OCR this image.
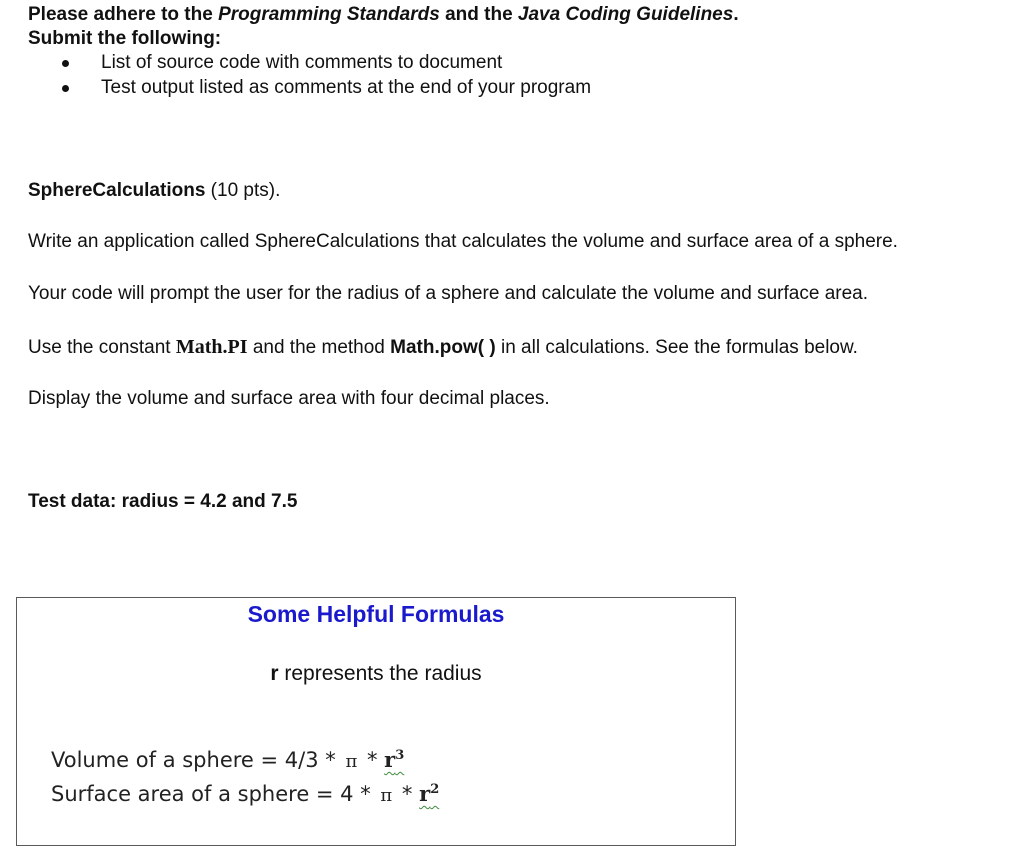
Please adhere to the Programming Standards and the Java Coding Guidelines.
Submit the following:
List of source code with comments to document
Test output listed as comments at the end of your program
SphereCalculations (10 pts).
Write an application called SphereCalculations that calculates the volume and surface area of a sphere.
Your code will prompt the user for the radius of a sphere and calculate the volume and surface area.
Use the constant Math.PI and the method Math.pow( ) in all calculations. See the formulas below.
Display the volume and surface area with four decimal places.
Test data: radius = 4.2 and 7.5
Some Helpful Formulas
r represents the radius
Volume of a sphere = 4/3 * π * $r^3$
Surface area of a sphere = 4 * π * $r^2$
